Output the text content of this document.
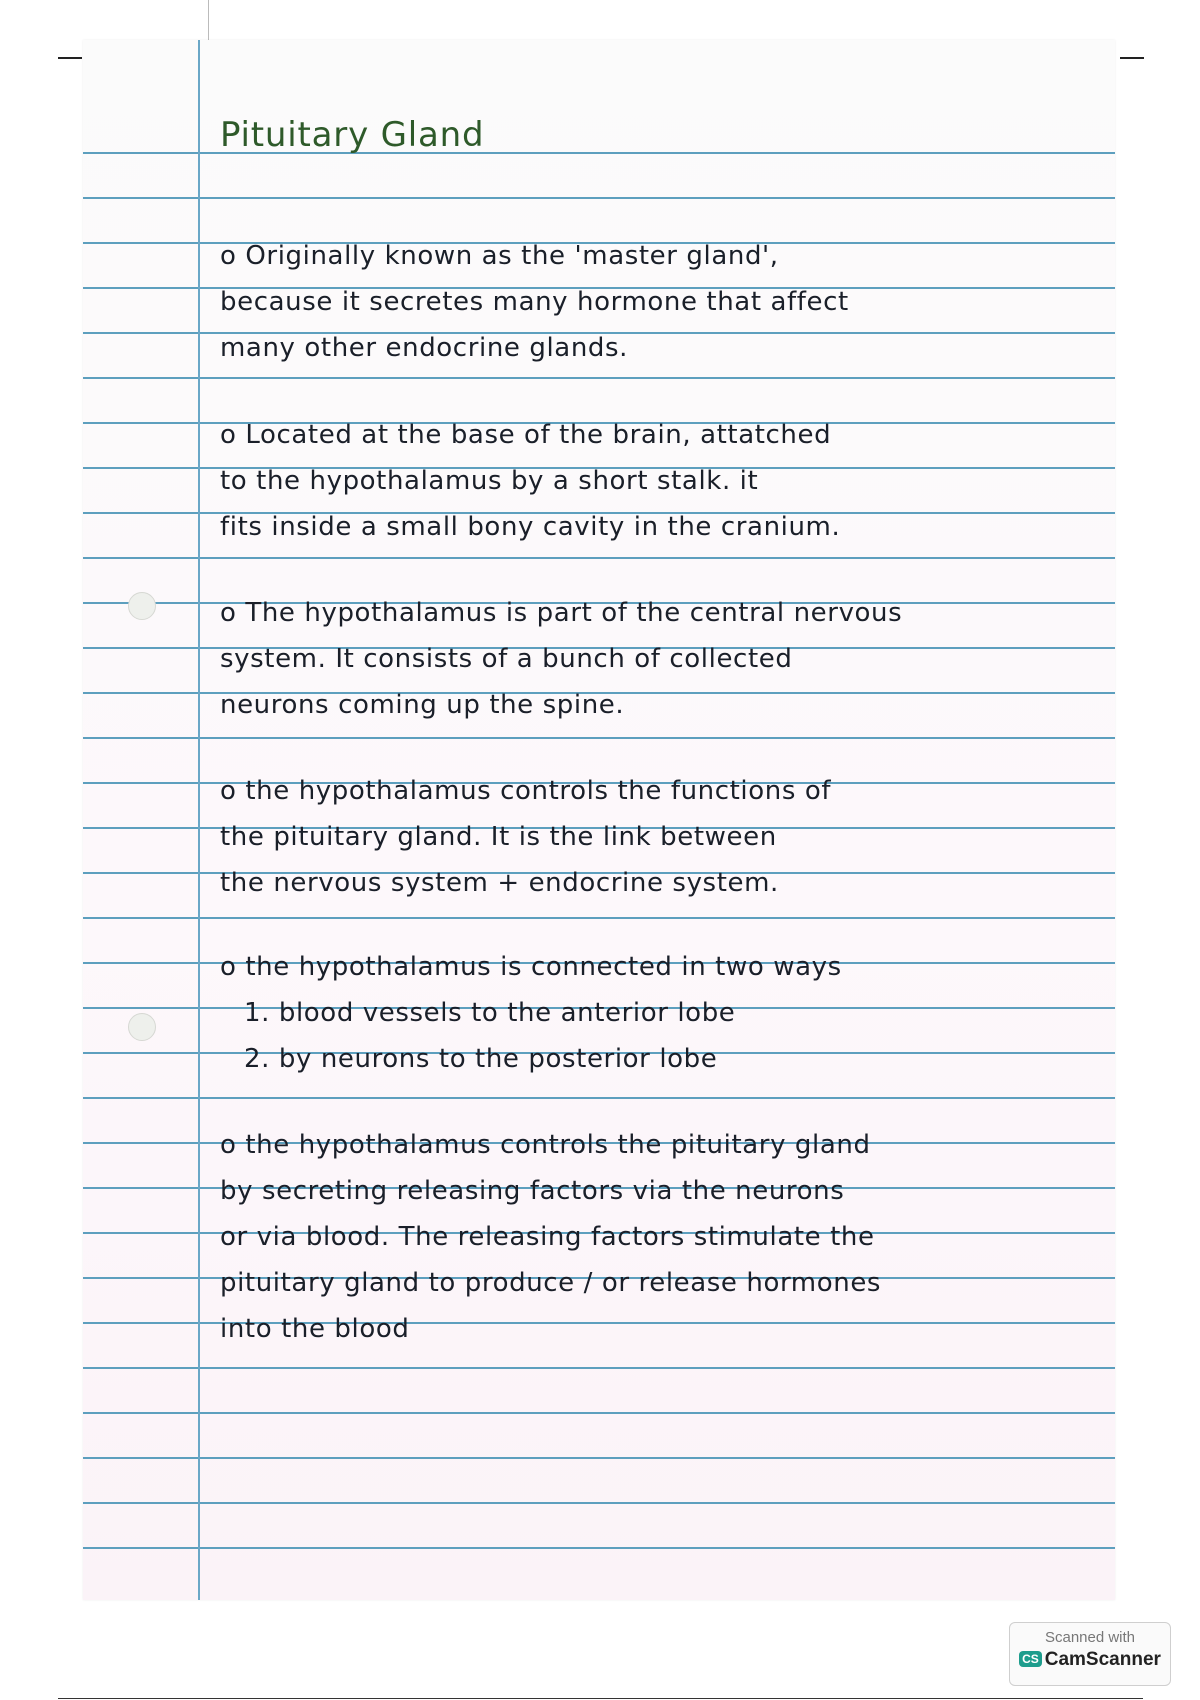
Pituitary Gland
o Originally known as the 'master gland',
because it secretes many hormone that affect
many other endocrine glands.
o Located at the base of the brain, attatched
to the hypothalamus by a short stalk. it
fits inside a small bony cavity in the cranium.
o The hypothalamus is part of the central nervous
system. It consists of a bunch of collected
neurons coming up the spine.
o the hypothalamus controls the functions of
the pituitary gland. It is the link between
the nervous system + endocrine system.
o the hypothalamus is connected in two ways
1. blood vessels to the anterior lobe
2. by neurons to the posterior lobe
o the hypothalamus controls the pituitary gland
by secreting releasing factors via the neurons
or via blood. The releasing factors stimulate the
pituitary gland to produce / or release hormones
into the blood
Scanned with
CS CamScanner
